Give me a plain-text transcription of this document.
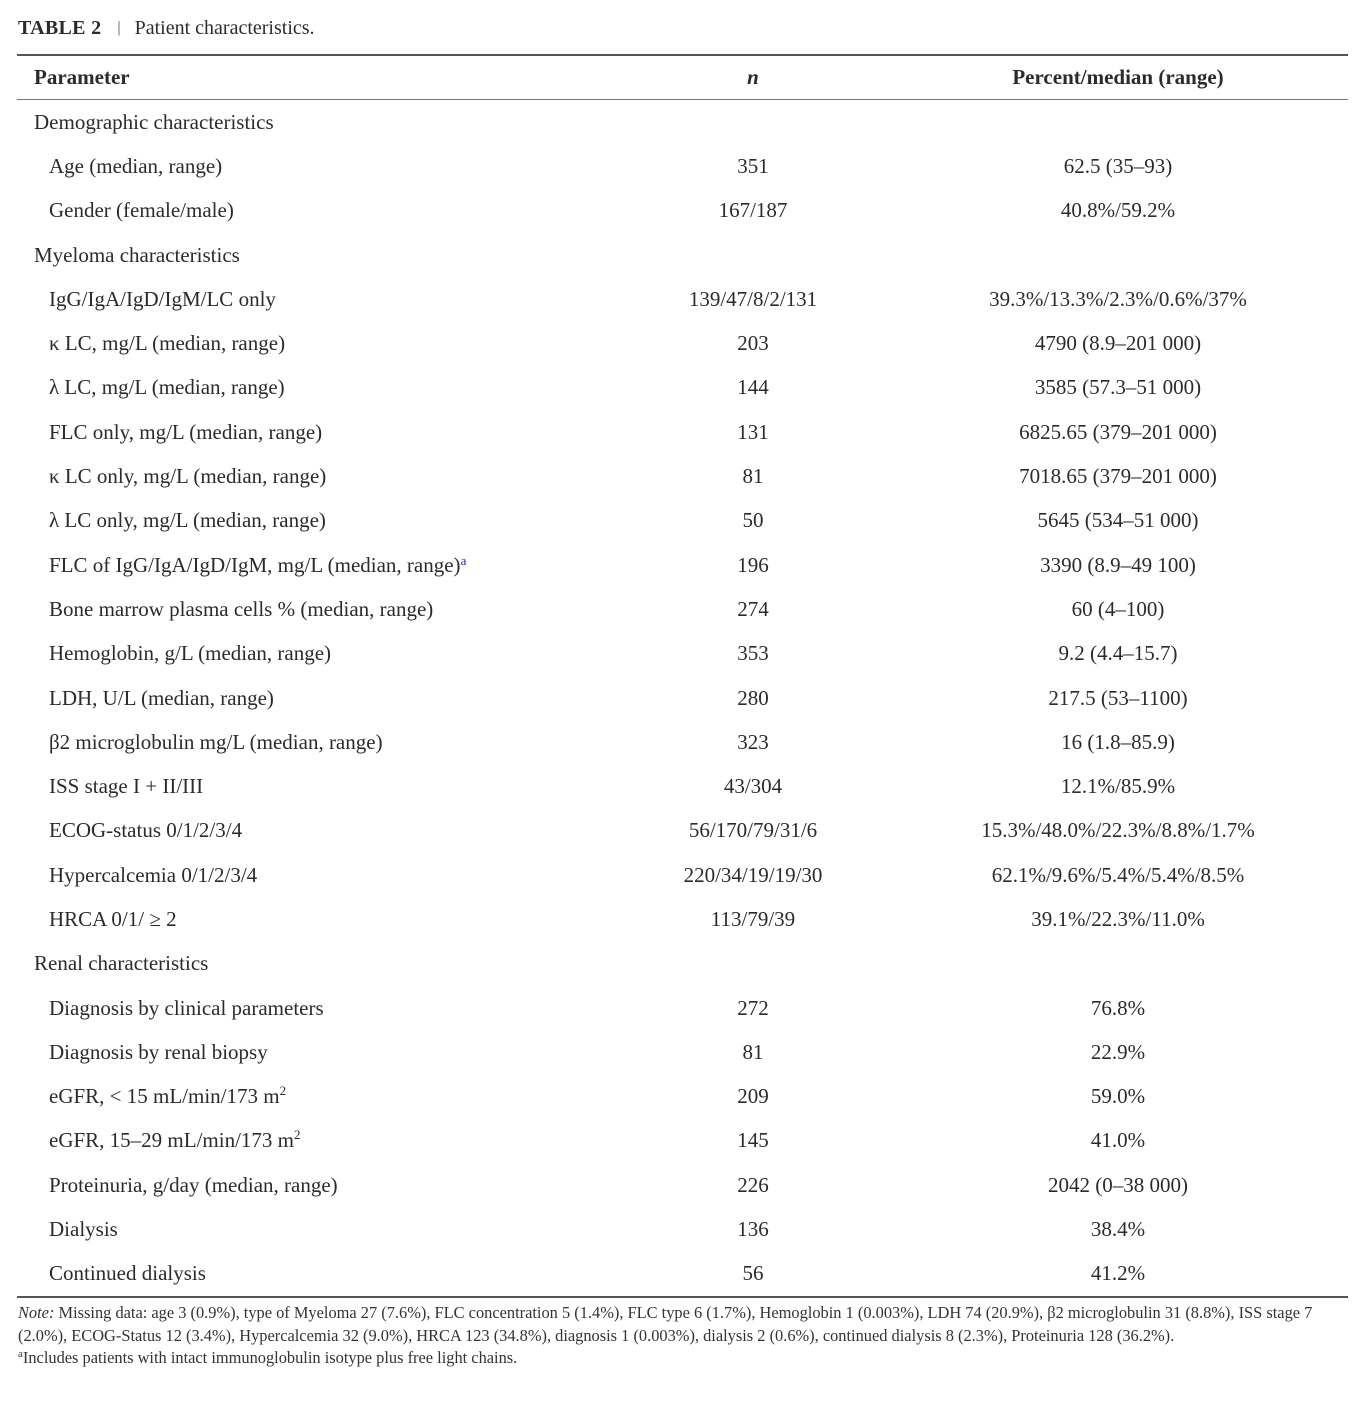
TABLE 2 | Patient characteristics.
Parameter	n	Percent/median (range)
Demographic characteristics		
Age (median, range)	351	62.5 (35–93)
Gender (female/male)	167/187	40.8%/59.2%
Myeloma characteristics		
IgG/IgA/IgD/IgM/LC only	139/47/8/2/131	39.3%/13.3%/2.3%/0.6%/37%
κ LC, mg/L (median, range)	203	4790 (8.9–201 000)
λ LC, mg/L (median, range)	144	3585 (57.3–51 000)
FLC only, mg/L (median, range)	131	6825.65 (379–201 000)
κ LC only, mg/L (median, range)	81	7018.65 (379–201 000)
λ LC only, mg/L (median, range)	50	5645 (534–51 000)
FLC of IgG/IgA/IgD/IgM, mg/L (median, range)$^a$	196	3390 (8.9–49 100)
Bone marrow plasma cells % (median, range)	274	60 (4–100)
Hemoglobin, g/L (median, range)	353	9.2 (4.4–15.7)
LDH, U/L (median, range)	280	217.5 (53–1100)
β2 microglobulin mg/L (median, range)	323	16 (1.8–85.9)
ISS stage I + II/III	43/304	12.1%/85.9%
ECOG-status 0/1/2/3/4	56/170/79/31/6	15.3%/48.0%/22.3%/8.8%/1.7%
Hypercalcemia 0/1/2/3/4	220/34/19/19/30	62.1%/9.6%/5.4%/5.4%/8.5%
HRCA 0/1/ ≥ 2	113/79/39	39.1%/22.3%/11.0%
Renal characteristics		
Diagnosis by clinical parameters	272	76.8%
Diagnosis by renal biopsy	81	22.9%
eGFR, < 15 mL/min/173 $m^2$	209	59.0%
eGFR, 15–29 mL/min/173 $m^2$	145	41.0%
Proteinuria, g/day (median, range)	226	2042 (0–38 000)
Dialysis	136	38.4%
Continued dialysis	56	41.2%
Note: Missing data: age 3 (0.9%), type of Myeloma 27 (7.6%), FLC concentration 5 (1.4%), FLC type 6 (1.7%), Hemoglobin 1 (0.003%), LDH 74 (20.9%), β2 microglobulin 31 (8.8%), ISS stage 7 (2.0%), ECOG-Status 12 (3.4%), Hypercalcemia 32 (9.0%), HRCA 123 (34.8%), diagnosis 1 (0.003%), dialysis 2 (0.6%), continued dialysis 8 (2.3%), Proteinuria 128 (36.2%).
$^a$Includes patients with intact immunoglobulin isotype plus free light chains.
